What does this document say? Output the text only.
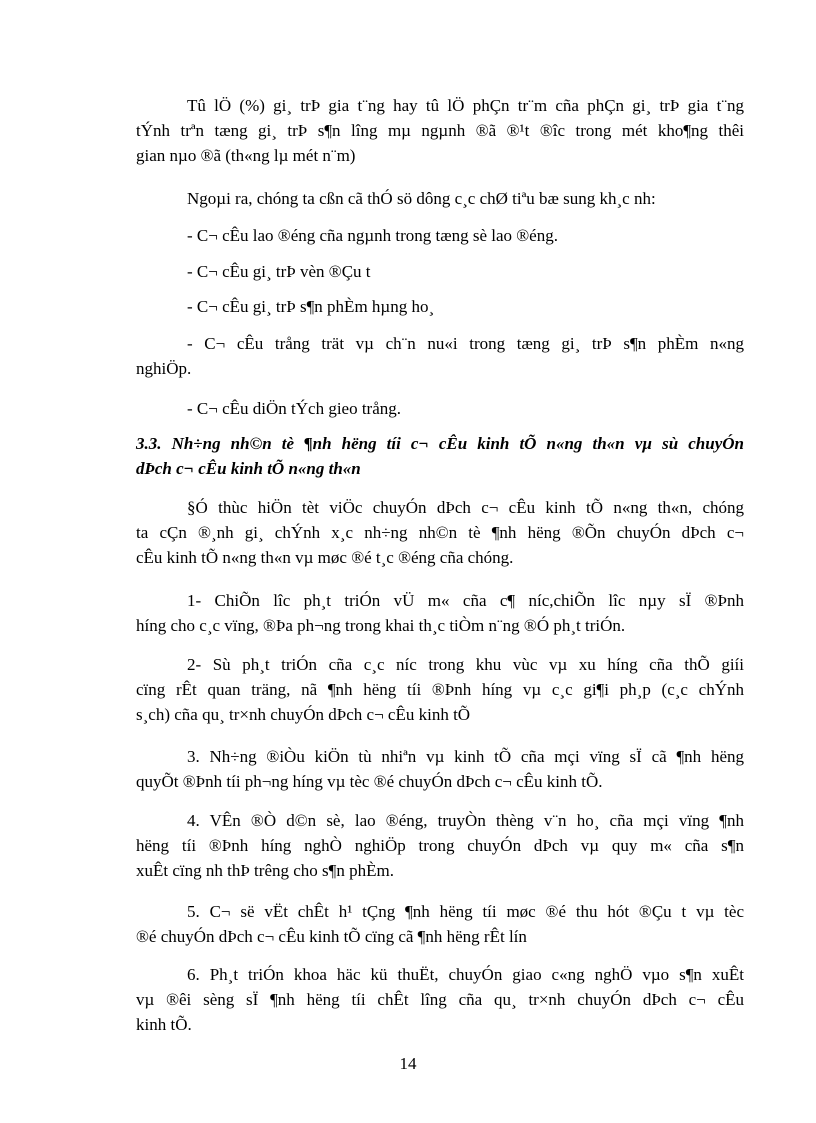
Tû lÖ (%) gi¸ trÞ gia t¨ng hay tû lÖ phÇn tr¨m cña phÇn gi¸ trÞ gia t¨ng
tÝnh trªn tæng gi¸ trÞ s¶n lîng mµ ngµnh ®ã ®¹t ®îc trong mét kho¶ng thêi
gian nµo ®ã (th«ng lµ mét n¨m)
Ngoµi ra, chóng ta cßn cã thÓ sö dông c¸c chØ tiªu bæ sung kh¸c nh:
- C¬ cÊu lao ®éng cña ngµnh trong tæng sè lao ®éng.
- C¬ cÊu gi¸ trÞ vèn ®Çu t
- C¬ cÊu gi¸ trÞ s¶n phÈm hµng ho¸
- C¬ cÊu trång trät vµ ch¨n nu«i trong tæng gi¸ trÞ s¶n phÈm n«ng
nghiÖp.
- C¬ cÊu diÖn tÝch gieo trång.
3.3. Nh÷ng nh©n tè ¶nh hëng tíi c¬ cÊu kinh tÕ n«ng th«n vµ sù chuyÓn
dÞch c¬ cÊu kinh tÕ n«ng th«n
§Ó thùc hiÖn tèt viÖc chuyÓn dÞch c¬ cÊu kinh tÕ n«ng th«n, chóng
ta cÇn ®¸nh gi¸ chÝnh x¸c nh÷ng nh©n tè ¶nh hëng ®Õn chuyÓn dÞch c¬
cÊu kinh tÕ n«ng th«n vµ møc ®é t¸c ®éng cña chóng.
1- ChiÕn lîc ph¸t triÓn vÜ m« cña c¶ níc,chiÕn lîc nµy sÏ ®Þnh
híng cho c¸c vïng, ®Þa ph¬ng trong khai th¸c tiÒm n¨ng ®Ó ph¸t triÓn.
2- Sù ph¸t triÓn cña c¸c níc trong khu vùc vµ xu híng cña thÕ giíi
cïng rÊt quan träng, nã ¶nh hëng tíi ®Þnh híng vµ c¸c gi¶i ph¸p (c¸c chÝnh
s¸ch) cña qu¸ tr×nh chuyÓn dÞch c¬ cÊu kinh tÕ
3. Nh÷ng ®iÒu kiÖn tù nhiªn vµ kinh tÕ cña mçi vïng sÏ cã ¶nh hëng
quyÕt ®Þnh tíi ph¬ng híng vµ tèc ®é chuyÓn dÞch c¬ cÊu kinh tÕ.
4. VÊn ®Ò d©n sè, lao ®éng, truyÒn thèng v¨n ho¸ cña mçi vïng ¶nh
hëng tíi ®Þnh híng nghÒ nghiÖp trong chuyÓn dÞch vµ quy m« cña s¶n
xuÊt cïng nh thÞ trêng cho s¶n phÈm.
5. C¬ së vËt chÊt h¹ tÇng ¶nh hëng tíi møc ®é thu hót ®Çu t vµ tèc
®é chuyÓn dÞch c¬ cÊu kinh tÕ cïng cã ¶nh hëng rÊt lín
6. Ph¸t triÓn khoa häc kü thuËt, chuyÓn giao c«ng nghÖ vµo s¶n xuÊt
vµ ®êi sèng sÏ ¶nh hëng tíi chÊt lîng cña qu¸ tr×nh chuyÓn dÞch c¬ cÊu
kinh tÕ.
14
